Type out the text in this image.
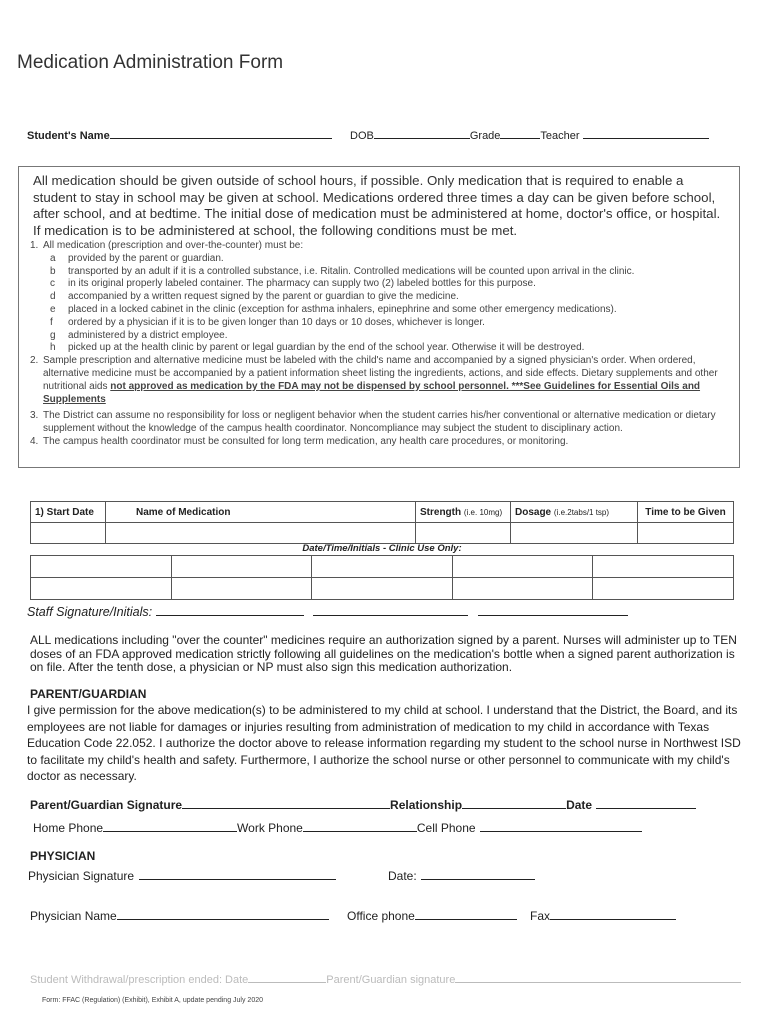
Medication Administration Form
Student's Name	DOB	Grade	Teacher
All medication should be given outside of school hours, if possible. Only medication that is required to enable a student to stay in school may be given at school. Medications ordered three times a day can be given before school, after school, and at bedtime. The initial dose of medication must be administered at home, doctor's office, or hospital. If medication is to be administered at school, the following conditions must be met.
1. All medication (prescription and over-the-counter) must be:
a	provided by the parent or guardian.
b	transported by an adult if it is a controlled substance, i.e. Ritalin. Controlled medications will be counted upon arrival in the clinic.
c	in its original properly labeled container. The pharmacy can supply two (2) labeled bottles for this purpose.
d	accompanied by a written request signed by the parent or guardian to give the medicine.
e	placed in a locked cabinet in the clinic (exception for asthma inhalers, epinephrine and some other emergency medications).
f	ordered by a physician if it is to be given longer than 10 days or 10 doses, whichever is longer.
g	administered by a district employee.
h	picked up at the health clinic by parent or legal guardian by the end of the school year. Otherwise it will be destroyed.
2. Sample prescription and alternative medicine must be labeled with the child's name and accompanied by a signed physician's order. When ordered, alternative medicine must be accompanied by a patient information sheet listing the ingredients, actions, and side effects. Dietary supplements and other nutritional aids not approved as medication by the FDA may not be dispensed by school personnel. ***See Guidelines for Essential Oils and Supplements
3. The District can assume no responsibility for loss or negligent behavior when the student carries his/her conventional or alternative medication or dietary supplement without the knowledge of the campus health coordinator. Noncompliance may subject the student to disciplinary action.
4. The campus health coordinator must be consulted for long term medication, any health care procedures, or monitoring.
1) Start Date	Name of Medication	Strength (i.e. 10mg)	Dosage (i.e.2tabs/1 tsp)	Time to be Given

Date/Time/Initials - Clinic Use Only:

Staff Signature/Initials:
ALL medications including "over the counter" medicines require an authorization signed by a parent. Nurses will administer up to TEN doses of an FDA approved medication strictly following all guidelines on the medication's bottle when a signed parent authorization is on file. After the tenth dose, a physician or NP must also sign this medication authorization.
PARENT/GUARDIAN
I give permission for the above medication(s) to be administered to my child at school. I understand that the District, the Board, and its employees are not liable for damages or injuries resulting from administration of medication to my child in accordance with Texas Education Code 22.052. I authorize the doctor above to release information regarding my student to the school nurse in Northwest ISD to facilitate my child's health and safety. Furthermore, I authorize the school nurse or other personnel to communicate with my child's doctor as necessary.
Parent/Guardian Signature	Relationship	Date
Home Phone	Work Phone	Cell Phone
PHYSICIAN
Physician Signature	Date:
Physician Name	Office phone	Fax
Student Withdrawal/prescription ended: Date	Parent/Guardian signature
Form: FFAC (Regulation) (Exhibit), Exhibit A, update pending July 2020
